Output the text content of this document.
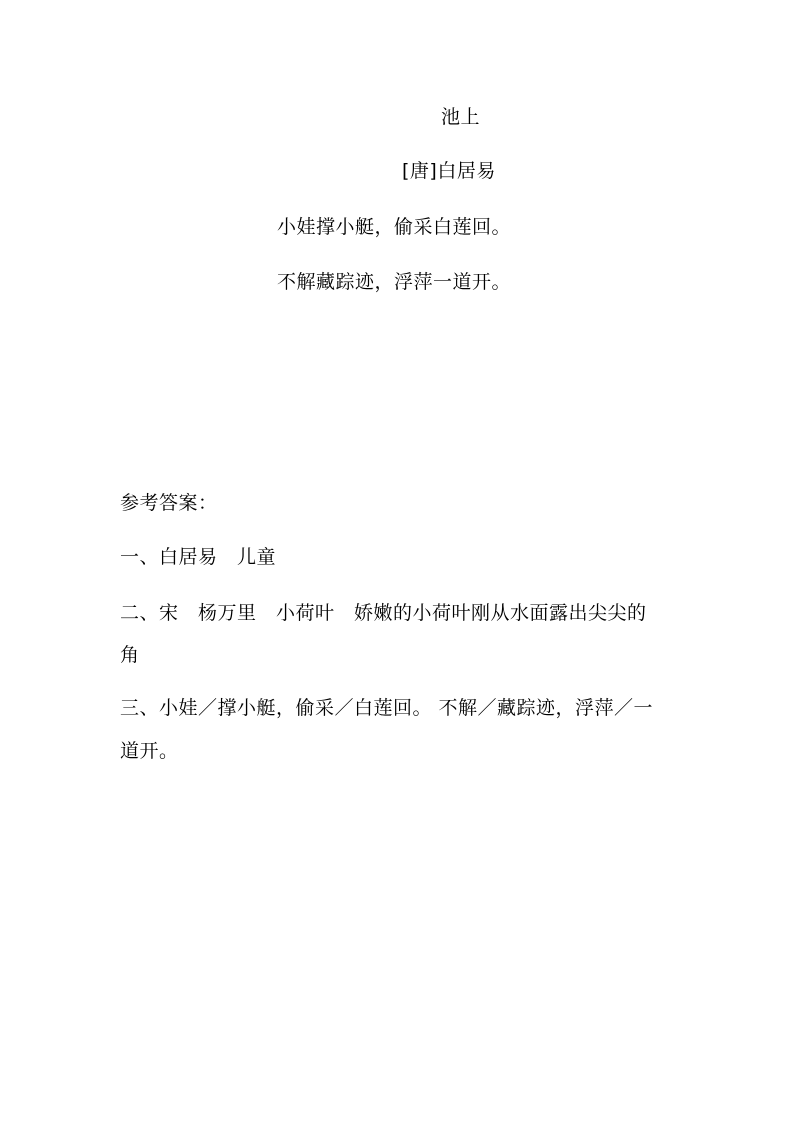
池上
[唐]白居易
小娃撑小艇，偷采白莲回。
不解藏踪迹，浮萍一道开。
参考答案：
一、白居易　儿童
二、宋　杨万里　小荷叶　娇嫩的小荷叶刚从水面露出尖尖的
角
三、小娃／撑小艇，偷采／白莲回。 不解／藏踪迹，浮萍／一
道开。
